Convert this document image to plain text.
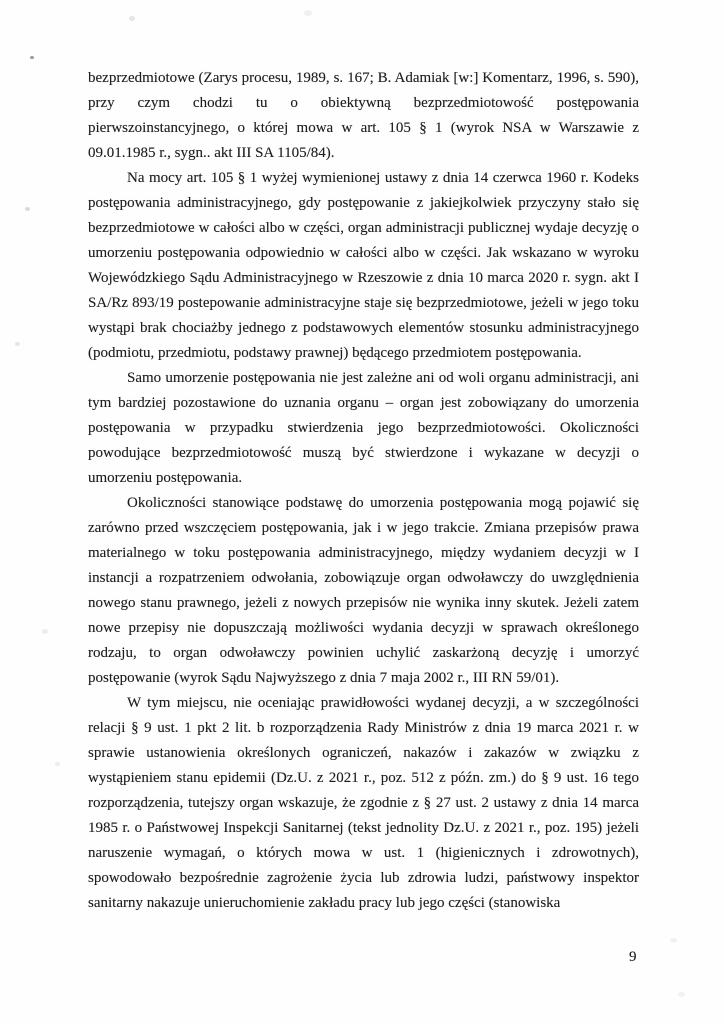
bezprzedmiotowe (Zarys procesu, 1989, s. 167; B. Adamiak [w:] Komentarz, 1996, s. 590), przy czym chodzi tu o obiektywną bezprzedmiotowość postępowania pierwszoinstancyjnego, o której mowa w art. 105 § 1 (wyrok NSA w Warszawie z 09.01.1985 r., sygn.. akt III SA 1105/84).

Na mocy art. 105 § 1 wyżej wymienionej ustawy z dnia 14 czerwca 1960 r. Kodeks postępowania administracyjnego, gdy postępowanie z jakiejkolwiek przyczyny stało się bezprzedmiotowe w całości albo w części, organ administracji publicznej wydaje decyzję o umorzeniu postępowania odpowiednio w całości albo w części. Jak wskazano w wyroku Wojewódzkiego Sądu Administracyjnego w Rzeszowie z dnia 10 marca 2020 r. sygn. akt I SA/Rz 893/19 postepowanie administracyjne staje się bezprzedmiotowe, jeżeli w jego toku wystąpi brak chociażby jednego z podstawowych elementów stosunku administracyjnego (podmiotu, przedmiotu, podstawy prawnej) będącego przedmiotem postępowania.

Samo umorzenie postępowania nie jest zależne ani od woli organu administracji, ani tym bardziej pozostawione do uznania organu – organ jest zobowiązany do umorzenia postępowania w przypadku stwierdzenia jego bezprzedmiotowości. Okoliczności powodujące bezprzedmiotowość muszą być stwierdzone i wykazane w decyzji o umorzeniu postępowania.

Okoliczności stanowiące podstawę do umorzenia postępowania mogą pojawić się zarówno przed wszczęciem postępowania, jak i w jego trakcie. Zmiana przepisów prawa materialnego w toku postępowania administracyjnego, między wydaniem decyzji w I instancji a rozpatrzeniem odwołania, zobowiązuje organ odwoławczy do uwzględnienia nowego stanu prawnego, jeżeli z nowych przepisów nie wynika inny skutek. Jeżeli zatem nowe przepisy nie dopuszczają możliwości wydania decyzji w sprawach określonego rodzaju, to organ odwoławczy powinien uchylić zaskarżoną decyzję i umorzyć postępowanie (wyrok Sądu Najwyższego z dnia 7 maja 2002 r., III RN 59/01).

W tym miejscu, nie oceniając prawidłowości wydanej decyzji, a w szczególności relacji § 9 ust. 1 pkt 2 lit. b rozporządzenia Rady Ministrów z dnia 19 marca 2021 r. w sprawie ustanowienia określonych ograniczeń, nakazów i zakazów w związku z wystąpieniem stanu epidemii (Dz.U. z 2021 r., poz. 512 z późn. zm.) do § 9 ust. 16 tego rozporządzenia, tutejszy organ wskazuje, że zgodnie z § 27 ust. 2 ustawy z dnia 14 marca 1985 r. o Państwowej Inspekcji Sanitarnej (tekst jednolity Dz.U. z 2021 r., poz. 195) jeżeli naruszenie wymagań, o których mowa w ust. 1 (higienicznych i zdrowotnych), spowodowało bezpośrednie zagrożenie życia lub zdrowia ludzi, państwowy inspektor sanitarny nakazuje unieruchomienie zakładu pracy lub jego części (stanowiska

9
